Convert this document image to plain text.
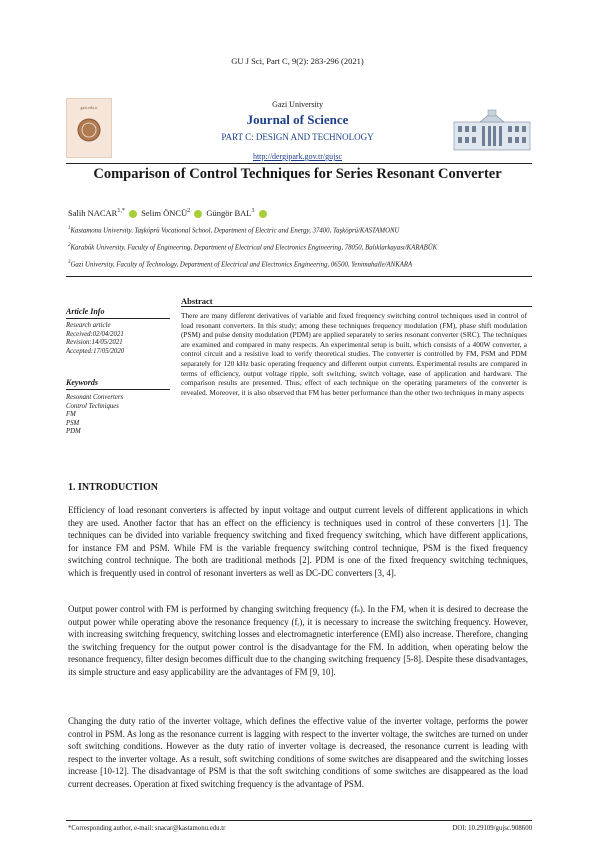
GU J Sci, Part C, 9(2): 283-296 (2021)
gazi.edu.tr	Gazi University
Journal of Science
PART C: DESIGN AND TECHNOLOGY
http://dergipark.gov.tr/gujsc
Comparison of Control Techniques for Series Resonant Converter
Salih $NACAR^{1,*}$ Selim ÖNCÜ$^2$ Güngör BAL$^3$
$^1$Kastamonu University, Taşköprü Vocational School, Department of Electric and Energy, 37400, Taşköprü/KASTAMONU
$^2$Karabük University, Faculty of Engineering, Department of Electrical and Electronics Engineering, 78050, Balıklarkayası/KARABÜK
$^3$Gazi University, Faculty of Technology, Department of Electrical and Electronics Engineering, 06500, Yenimahalle/ANKARA
Article Info
Research article
Received:02/04/2021
Revision:14/05/2021
Accepted:17/05/2020
Keywords
Resonant Converters
Control Techniques
FM
PSM
PDM
Abstract
There are many different derivatives of variable and fixed frequency switching control techniques used in control of load resonant converters. In this study; among these techniques frequency modulation (FM), phase shift modulation (PSM) and pulse density modulation (PDM) are applied separately to series resonant converter (SRC). The techniques are examined and compared in many respects. An experimental setup is built, which consists of a 400W converter, a control circuit and a resistive load to verify theoretical studies. The converter is controlled by FM, PSM and PDM separately for 120 kHz basic operating frequency and different output currents. Experimental results are compared in terms of efficiency, output voltage ripple, soft switching, switch voltage, ease of application and hardware. The comparison results are presented. Thus, effect of each technique on the operating parameters of the converter is revealed. Moreover, it is also observed that FM has better performance than the other two techniques in many aspects
1. INTRODUCTION
Efficiency of load resonant converters is affected by input voltage and output current levels of different applications in which they are used. Another factor that has an effect on the efficiency is techniques used in control of these converters [1]. The techniques can be divided into variable frequency switching and fixed frequency switching, which have different applications, for instance FM and PSM. While FM is the variable frequency switching control technique, PSM is the fixed frequency switching control technique. The both are traditional methods [2]. PDM is one of the fixed frequency switching techniques, which is frequently used in control of resonant inverters as well as DC-DC converters [3, 4].
Output power control with FM is performed by changing switching frequency (fₛ). In the FM, when it is desired to decrease the output power while operating above the resonance frequency (fᵣ), it is necessary to increase the switching frequency. However, with increasing switching frequency, switching losses and electromagnetic interference (EMI) also increase. Therefore, changing the switching frequency for the output power control is the disadvantage for the FM. In addition, when operating below the resonance frequency, filter design becomes difficult due to the changing switching frequency [5-8]. Despite these disadvantages, its simple structure and easy applicability are the advantages of FM [9, 10].
Changing the duty ratio of the inverter voltage, which defines the effective value of the inverter voltage, performs the power control in PSM. As long as the resonance current is lagging with respect to the inverter voltage, the switches are turned on under soft switching conditions. However as the duty ratio of inverter voltage is decreased, the resonance current is leading with respect to the inverter voltage. As a result, soft switching conditions of some switches are disappeared and the switching losses increase [10-12]. The disadvantage of PSM is that the soft switching conditions of some switches are disappeared as the load current decreases. Operation at fixed switching frequency is the advantage of PSM.
*Corresponding author, e-mail: snacar@kastamonu.edu.tr	DOI: 10.29109/gujsc.908600
